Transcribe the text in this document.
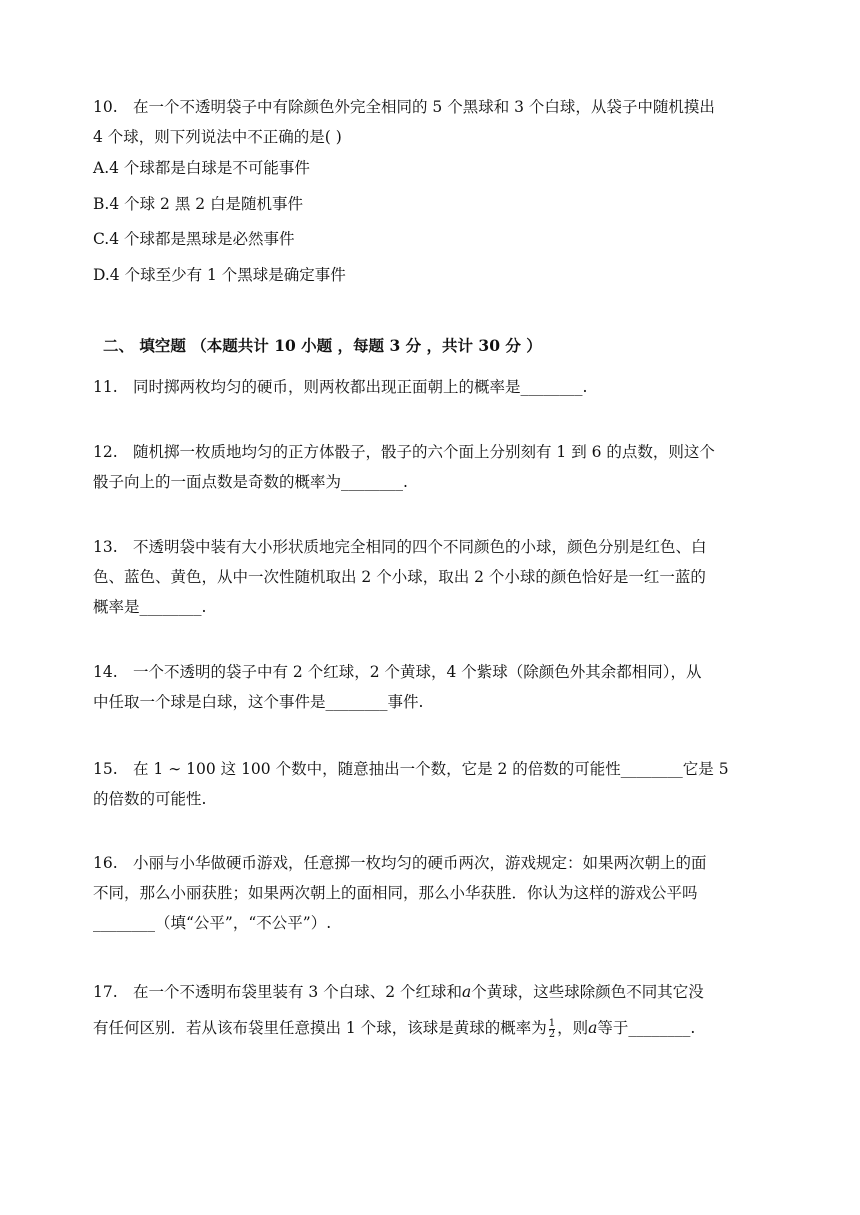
10. 在一个不透明袋子中有除颜色外完全相同的 5 个黑球和 3 个白球，从袋子中随机摸出
4 个球，则下列说法中不正确的是( )
A.4 个球都是白球是不可能事件
B.4 个球 2 黑 2 白是随机事件
C.4 个球都是黑球是必然事件
D.4 个球至少有 1 个黑球是确定事件
二、 填空题 （本题共计 10 小题 ，每题 3 分 ，共计 30 分 ）
11. 同时掷两枚均匀的硬币，则两枚都出现正面朝上的概率是________.
12. 随机掷一枚质地均匀的正方体骰子，骰子的六个面上分别刻有 1 到 6 的点数，则这个
骰子向上的一面点数是奇数的概率为________.
13. 不透明袋中装有大小形状质地完全相同的四个不同颜色的小球，颜色分别是红色、白
色、蓝色、黄色，从中一次性随机取出 2 个小球，取出 2 个小球的颜色恰好是一红一蓝的
概率是________.
14. 一个不透明的袋子中有 2 个红球，2 个黄球，4 个紫球（除颜色外其余都相同），从
中任取一个球是白球，这个事件是________事件.
15. 在 1 ∼ 100 这 100 个数中，随意抽出一个数，它是 2 的倍数的可能性________它是 5
的倍数的可能性.
16. 小丽与小华做硬币游戏，任意掷一枚均匀的硬币两次，游戏规定：如果两次朝上的面
不同，那么小丽获胜；如果两次朝上的面相同，那么小华获胜．你认为这样的游戏公平吗
________（填“公平”，“不公平”）.
17. 在一个不透明布袋里装有 3 个白球、2 个红球和a个黄球，这些球除颜色不同其它没
有任何区别．若从该布袋里任意摸出 1 个球，该球是黄球的概率为 $\frac{1}{2}$ ，则a等于________.
